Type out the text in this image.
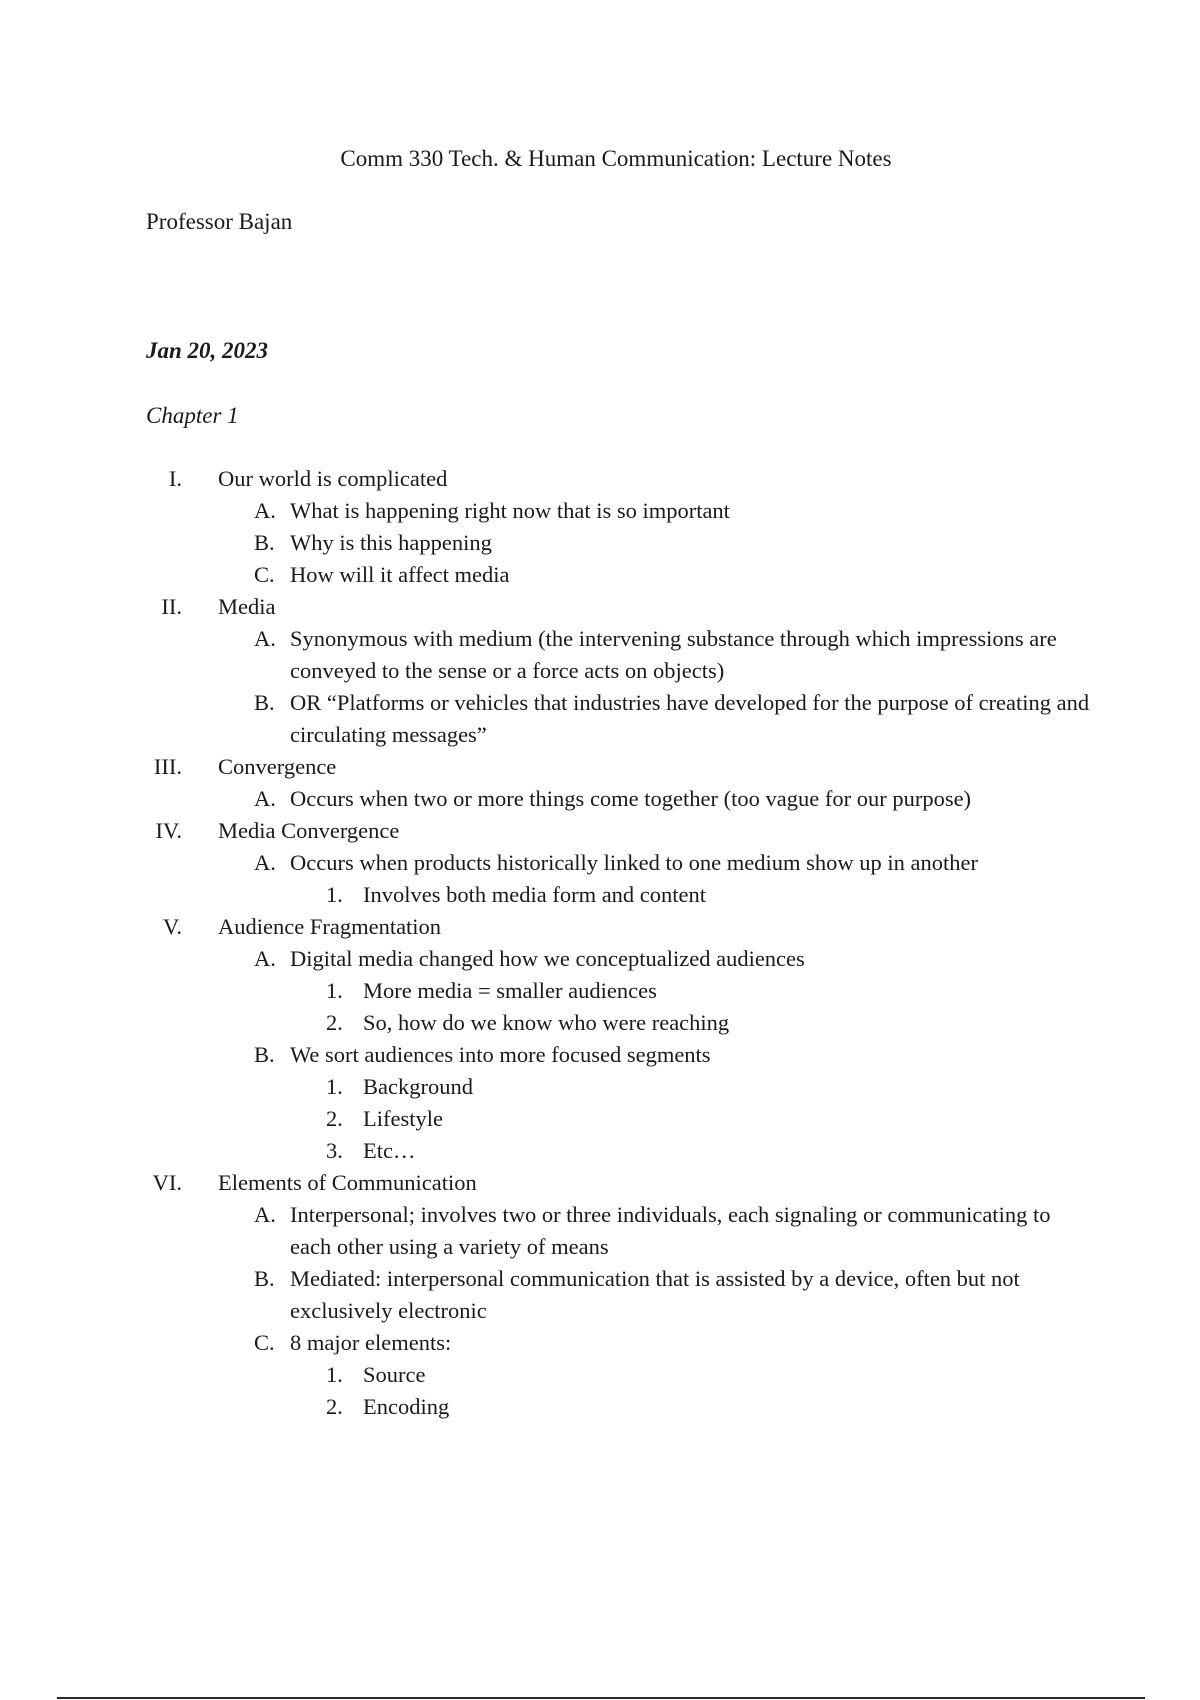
Comm 330 Tech. & Human Communication: Lecture Notes
Professor Bajan
Jan 20, 2023
Chapter 1
I. Our world is complicated
A. What is happening right now that is so important
B. Why is this happening
C. How will it affect media
II. Media
A. Synonymous with medium (the intervening substance through which impressions are conveyed to the sense or a force acts on objects)
B. OR “Platforms or vehicles that industries have developed for the purpose of creating and circulating messages”
III. Convergence
A. Occurs when two or more things come together (too vague for our purpose)
IV. Media Convergence
A. Occurs when products historically linked to one medium show up in another
1. Involves both media form and content
V. Audience Fragmentation
A. Digital media changed how we conceptualized audiences
1. More media = smaller audiences
2. So, how do we know who were reaching
B. We sort audiences into more focused segments
1. Background
2. Lifestyle
3. Etc…
VI. Elements of Communication
A. Interpersonal; involves two or three individuals, each signaling or communicating to each other using a variety of means
B. Mediated: interpersonal communication that is assisted by a device, often but not exclusively electronic
C. 8 major elements:
1. Source
2. Encoding
